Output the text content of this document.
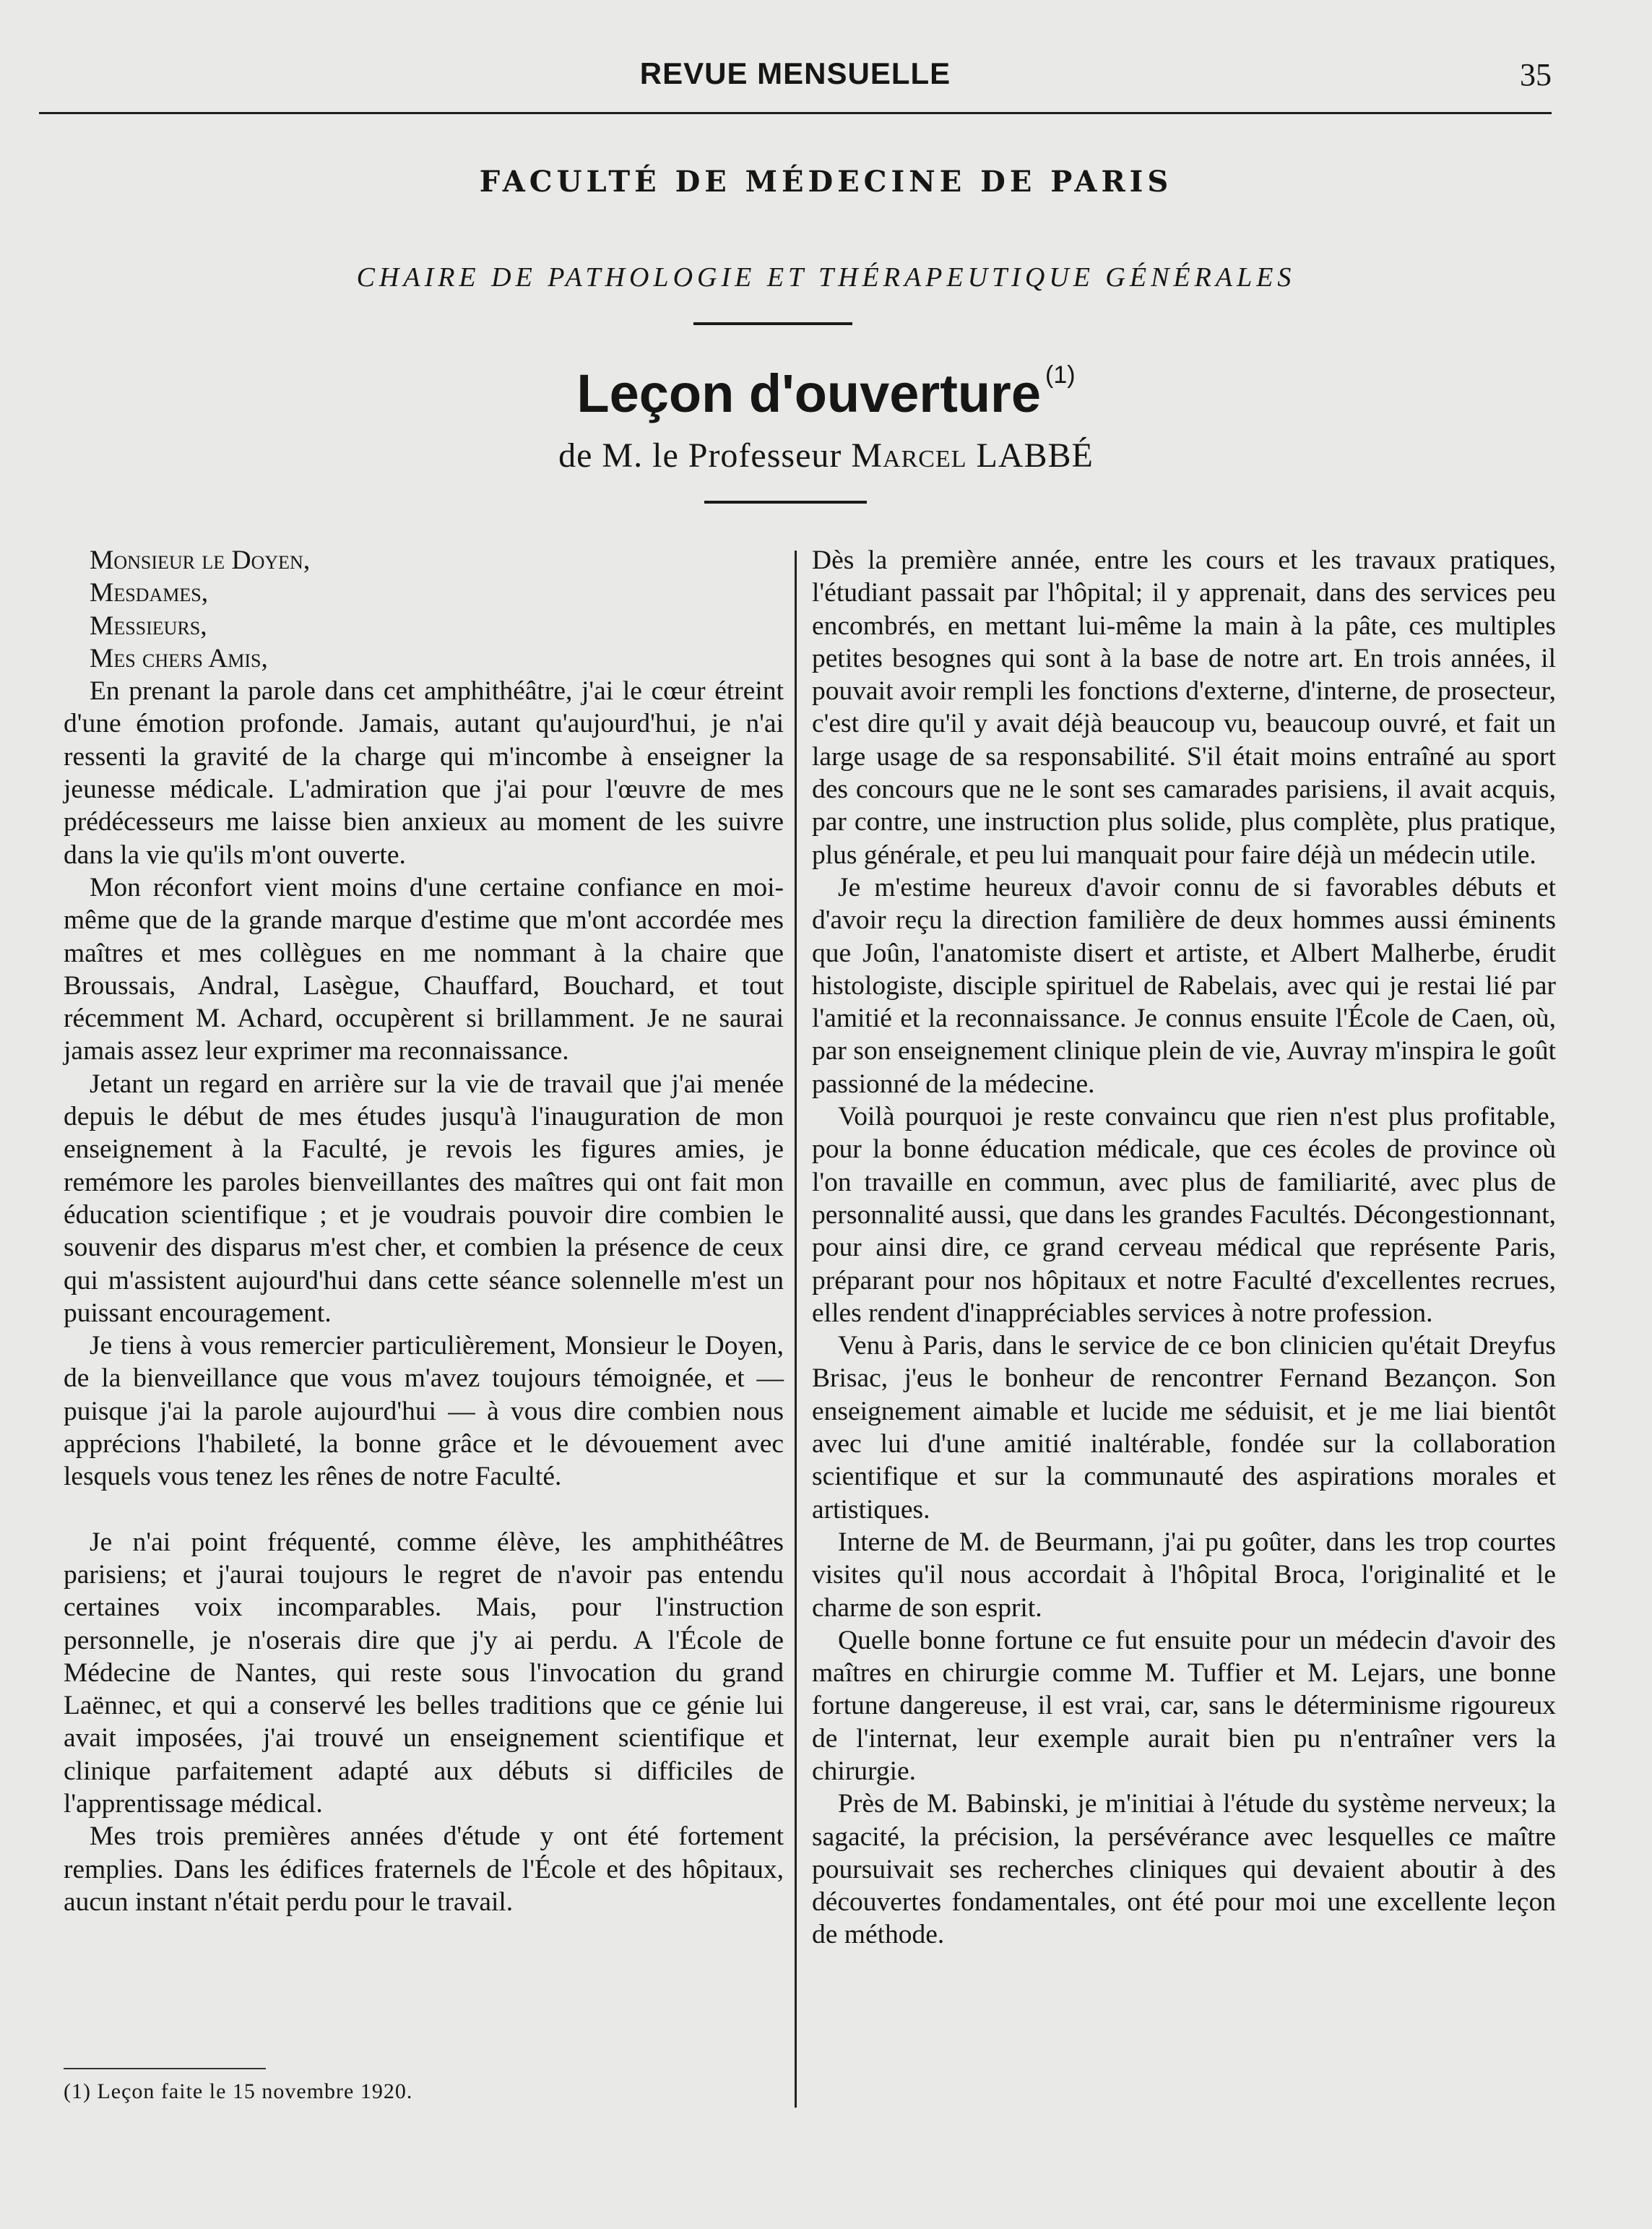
REVUE MENSUELLE	35
FACULTÉ DE MÉDECINE DE PARIS
CHAIRE DE PATHOLOGIE ET THÉRAPEUTIQUE GÉNÉRALES
Leçon d'ouverture $^{(1)}$
de M. le Professeur Marcel LABBÉ

Monsieur le Doyen,

Mesdames,

Messieurs,

Mes chers Amis,

En prenant la parole dans cet amphithéâtre, j'ai le cœur étreint d'une émotion profonde. Jamais, autant qu'aujourd'hui, je n'ai ressenti la gravité de la charge qui m'incombe à enseigner la jeunesse médicale. L'admiration que j'ai pour l'œuvre de mes prédécesseurs me laisse bien anxieux au moment de les suivre dans la vie qu'ils m'ont ouverte.

Mon réconfort vient moins d'une certaine confiance en moi-même que de la grande marque d'estime que m'ont accordée mes maîtres et mes collègues en me nommant à la chaire que Broussais, Andral, Lasègue, Chauffard, Bouchard, et tout récemment M. Achard, occupèrent si brillamment. Je ne saurai jamais assez leur exprimer ma reconnaissance.

Jetant un regard en arrière sur la vie de travail que j'ai menée depuis le début de mes études jusqu'à l'inauguration de mon enseignement à la Faculté, je revois les figures amies, je remémore les paroles bienveillantes des maîtres qui ont fait mon éducation scientifique ; et je voudrais pouvoir dire combien le souvenir des disparus m'est cher, et combien la présence de ceux qui m'assistent aujourd'hui dans cette séance solennelle m'est un puissant encouragement.

Je tiens à vous remercier particulièrement, Monsieur le Doyen, de la bienveillance que vous m'avez toujours témoignée, et — puisque j'ai la parole aujourd'hui — à vous dire combien nous apprécions l'habileté, la bonne grâce et le dévouement avec lesquels vous tenez les rênes de notre Faculté.

Je n'ai point fréquenté, comme élève, les amphithéâtres parisiens; et j'aurai toujours le regret de n'avoir pas entendu certaines voix incomparables. Mais, pour l'instruction personnelle, je n'oserais dire que j'y ai perdu. A l'École de Médecine de Nantes, qui reste sous l'invocation du grand Laënnec, et qui a conservé les belles traditions que ce génie lui avait imposées, j'ai trouvé un enseignement scientifique et clinique parfaitement adapté aux débuts si difficiles de l'apprentissage médical.

Mes trois premières années d'étude y ont été fortement remplies. Dans les édifices fraternels de l'École et des hôpitaux, aucun instant n'était perdu pour le travail.

Dès la première année, entre les cours et les travaux pratiques, l'étudiant passait par l'hôpital; il y apprenait, dans des services peu encombrés, en mettant lui-même la main à la pâte, ces multiples petites besognes qui sont à la base de notre art. En trois années, il pouvait avoir rempli les fonctions d'externe, d'interne, de prosecteur, c'est dire qu'il y avait déjà beaucoup vu, beaucoup ouvré, et fait un large usage de sa responsabilité. S'il était moins entraîné au sport des concours que ne le sont ses camarades parisiens, il avait acquis, par contre, une instruction plus solide, plus complète, plus pratique, plus générale, et peu lui manquait pour faire déjà un médecin utile.

Je m'estime heureux d'avoir connu de si favorables débuts et d'avoir reçu la direction familière de deux hommes aussi éminents que Joûn, l'anatomiste disert et artiste, et Albert Malherbe, érudit histologiste, disciple spirituel de Rabelais, avec qui je restai lié par l'amitié et la reconnaissance. Je connus ensuite l'École de Caen, où, par son enseignement clinique plein de vie, Auvray m'inspira le goût passionné de la médecine.

Voilà pourquoi je reste convaincu que rien n'est plus profitable, pour la bonne éducation médicale, que ces écoles de province où l'on travaille en commun, avec plus de familiarité, avec plus de personnalité aussi, que dans les grandes Facultés. Décongestionnant, pour ainsi dire, ce grand cerveau médical que représente Paris, préparant pour nos hôpitaux et notre Faculté d'excellentes recrues, elles rendent d'inappréciables services à notre profession.

Venu à Paris, dans le service de ce bon clinicien qu'était Dreyfus Brisac, j'eus le bonheur de rencontrer Fernand Bezançon. Son enseignement aimable et lucide me séduisit, et je me liai bientôt avec lui d'une amitié inaltérable, fondée sur la collaboration scientifique et sur la communauté des aspirations morales et artistiques.

Interne de M. de Beurmann, j'ai pu goûter, dans les trop courtes visites qu'il nous accordait à l'hôpital Broca, l'originalité et le charme de son esprit.

Quelle bonne fortune ce fut ensuite pour un médecin d'avoir des maîtres en chirurgie comme M. Tuffier et M. Lejars, une bonne fortune dangereuse, il est vrai, car, sans le déterminisme rigoureux de l'internat, leur exemple aurait bien pu n'entraîner vers la chirurgie.

Près de M. Babinski, je m'initiai à l'étude du système nerveux; la sagacité, la précision, la persévérance avec lesquelles ce maître poursuivait ses recherches cliniques qui devaient aboutir à des découvertes fondamentales, ont été pour moi une excellente leçon de méthode.

(1) Leçon faite le 15 novembre 1920.
